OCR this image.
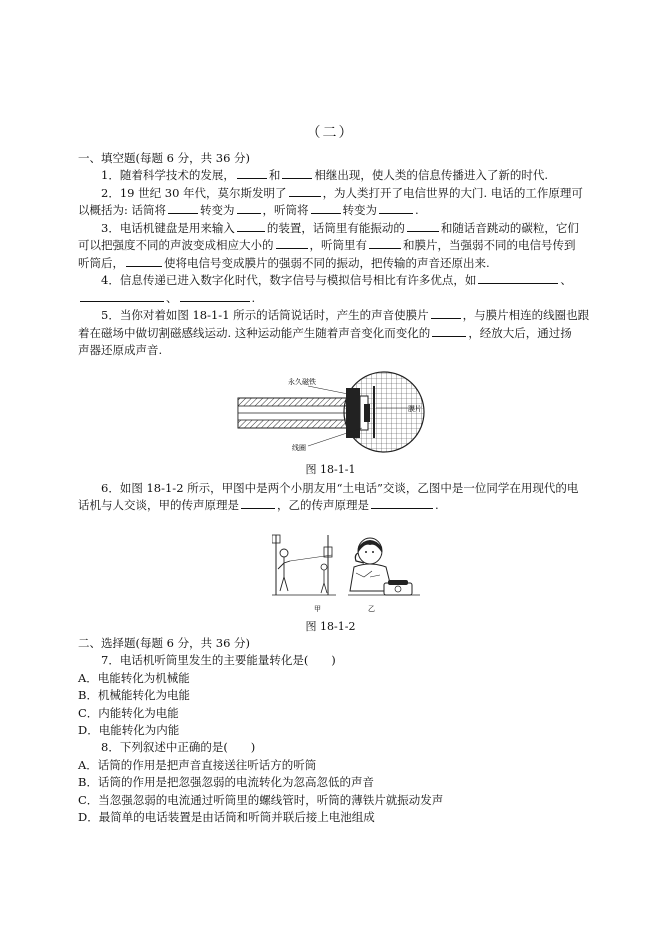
（二）
一、填空题(每题 6 分，共 36 分)
1．随着科学技术的发展，	和	相继出现，使人类的信息传播进入了新的时代.
2．19 世纪 30 年代，莫尔斯发明了	，为人类打开了电信世界的大门. 电话的工作原理可
以概括为: 话筒将	转变为 ，听筒将	转变为	.
3．电话机键盘是用来输入	的装置，话筒里有能振动的	和随话音跳动的碳粒，它们
可以把强度不同的声波变成相应大小的	，听筒里有	和膜片，当强弱不同的电信号传到
听筒后，	使将电信号变成膜片的强弱不同的振动，把传输的声音还原出来.
4．信息传递已进入数字化时代，数字信号与模拟信号相比有许多优点，如	、
、	.
5．当你对着如图 18-1-1 所示的话筒说话时，产生的声音使膜片	，与膜片相连的线圈也跟
着在磁场中做切割磁感线运动. 这种运动能产生随着声音变化而变化的	，经放大后，通过扬
声器还原成声音.
永久磁铁
膜片
线圈
图 18-1-1
6．如图 18-1-2 所示，甲图中是两个小朋友用“土电话”交谈，乙图中是一位同学在用现代的电
话机与人交谈，甲的传声原理是	，乙的传声原理是	.
甲	乙
图 18-1-2
二、选择题(每题 6 分，共 36 分)
7．电话机听筒里发生的主要能量转化是(　　)
A．电能转化为机械能
B．机械能转化为电能
C．内能转化为电能
D．电能转化为内能
8．下列叙述中正确的是(　　)
A．话筒的作用是把声音直接送往听话方的听筒
B．话筒的作用是把忽强忽弱的电流转化为忽高忽低的声音
C．当忽强忽弱的电流通过听筒里的螺线管时，听筒的薄铁片就振动发声
D．最简单的电话装置是由话筒和听筒并联后接上电池组成
